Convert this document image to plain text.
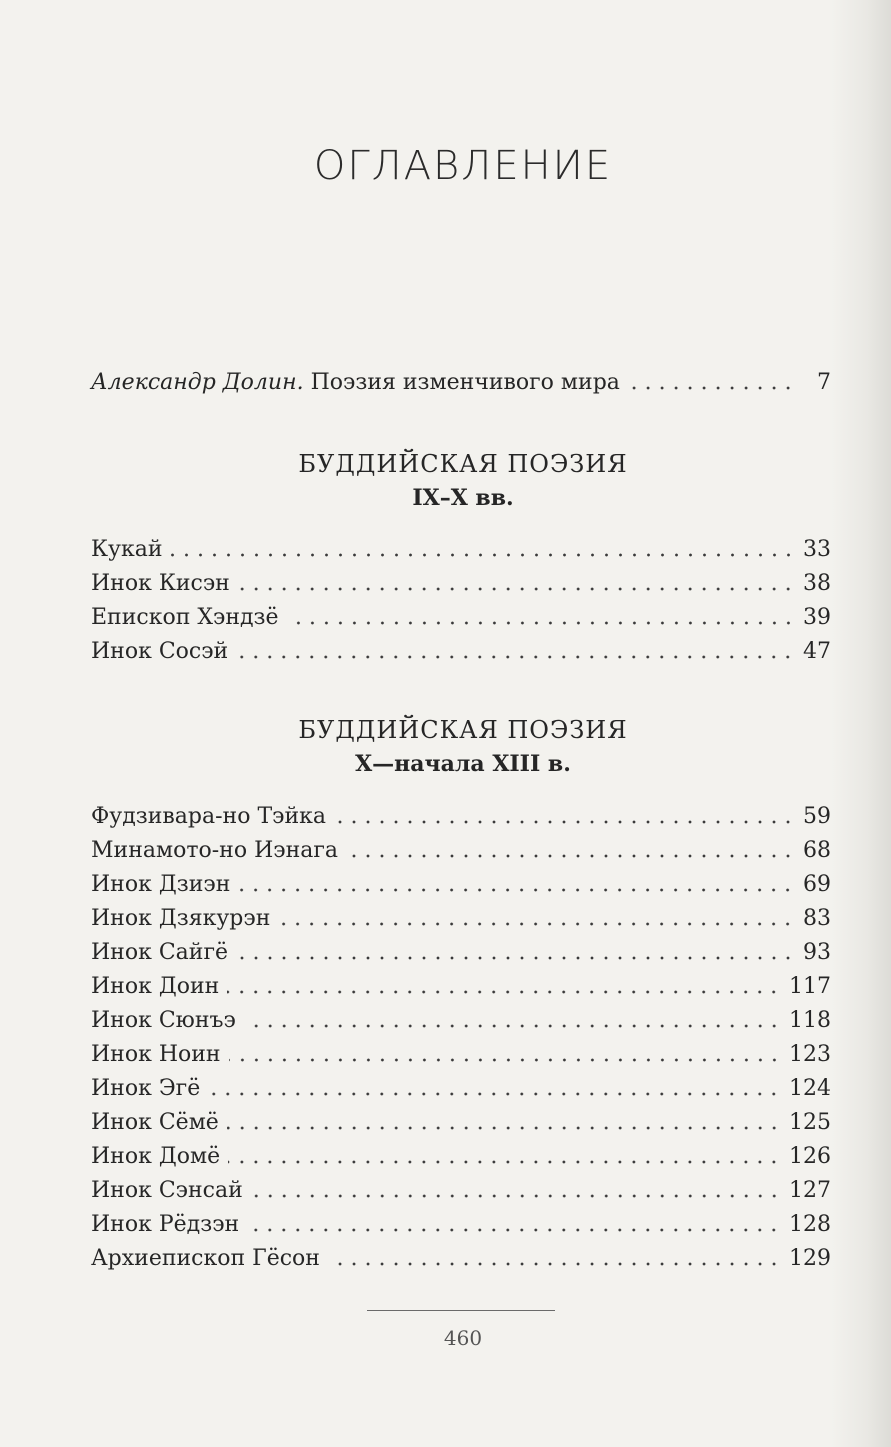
ОГЛАВЛЕНИЕ
Александр Долин. Поэзия изменчивого мира	7
БУДДИЙСКАЯ ПОЭЗИЯ
IX–X вв.
Кукай	33
Инок Кисэн	38
Епископ Хэндзё	39
Инок Сосэй	47
БУДДИЙСКАЯ ПОЭЗИЯ
X—начала XIII в.
Фудзивара-но Тэйка	59
Минамото-но Иэнага	68
Инок Дзиэн	69
Инок Дзякурэн	83
Инок Сайгё	93
Инок Доин	117
Инок Сюнъэ	118
Инок Ноин	123
Инок Эгё	124
Инок Сёмё	125
Инок Домё	126
Инок Сэнсай	127
Инок Рёдзэн	128
Архиепископ Гёсон	129
460
